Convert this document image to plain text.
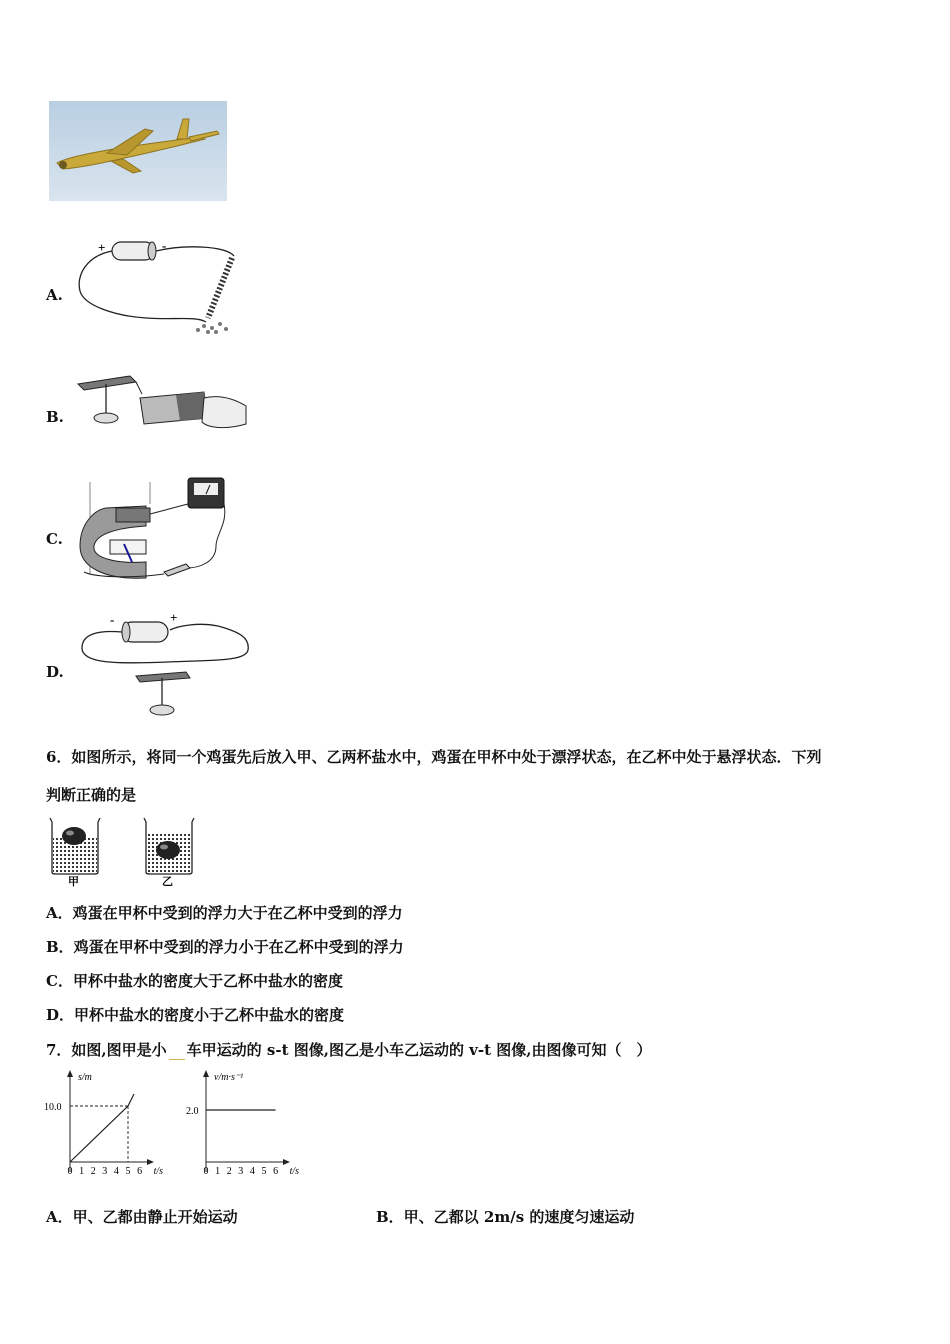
A.
+	-
B.
C.
D.
-	+
6．如图所示，将同一个鸡蛋先后放入甲、乙两杯盐水中，鸡蛋在甲杯中处于漂浮状态，在乙杯中处于悬浮状态．下列
判断正确的是
甲	乙
A．鸡蛋在甲杯中受到的浮力大于在乙杯中受到的浮力
B．鸡蛋在甲杯中受到的浮力小于在乙杯中受到的浮力
C．甲杯中盐水的密度大于乙杯中盐水的密度
D．甲杯中盐水的密度小于乙杯中盐水的密度
7．如图,图甲是小 车甲运动的 s-t 图像,图乙是小车乙运动的 v-t 图像,由图像可知（　）
0 1 2 3 4 5 6 t/s
s/m
10.0
0 1 2 3 4 5 6 t/s
v/m·s⁻¹
2.0
A．甲、乙都由静止开始运动	B．甲、乙都以 2m/s 的速度匀速运动
